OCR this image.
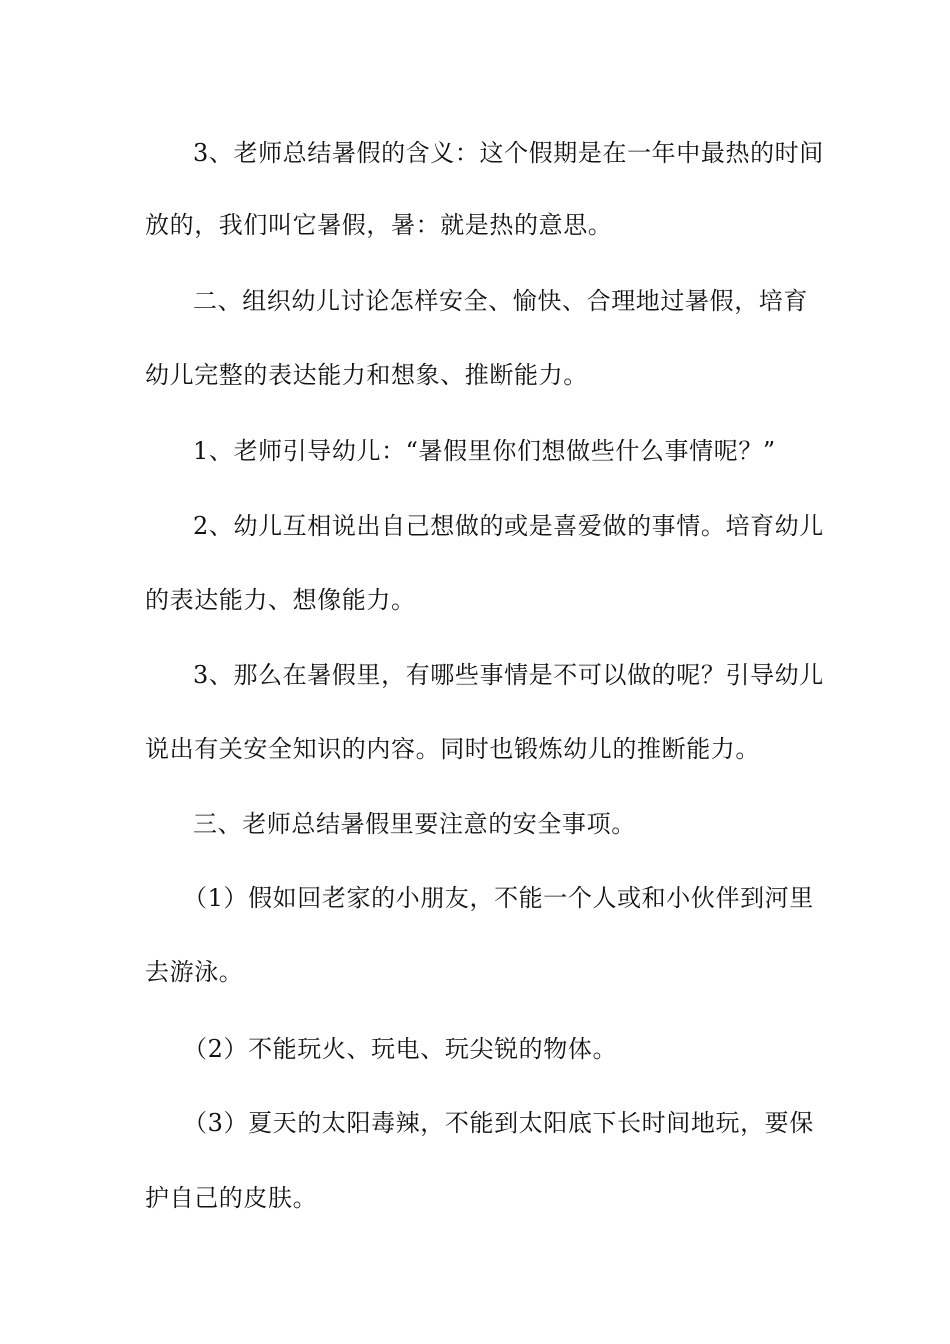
3、老师总结暑假的含义：这个假期是在一年中最热的时间
放的，我们叫它暑假，暑：就是热的意思。
二、组织幼儿讨论怎样安全、愉快、合理地过暑假，培育
幼儿完整的表达能力和想象、推断能力。
1、老师引导幼儿：“暑假里你们想做些什么事情呢？”
2、幼儿互相说出自己想做的或是喜爱做的事情。培育幼儿
的表达能力、想像能力。
3、那么在暑假里，有哪些事情是不可以做的呢？引导幼儿
说出有关安全知识的内容。同时也锻炼幼儿的推断能力。
三、老师总结暑假里要注意的安全事项。
（1）假如回老家的小朋友，不能一个人或和小伙伴到河里
去游泳。
（2）不能玩火、玩电、玩尖锐的物体。
（3）夏天的太阳毒辣，不能到太阳底下长时间地玩，要保
护自己的皮肤。
